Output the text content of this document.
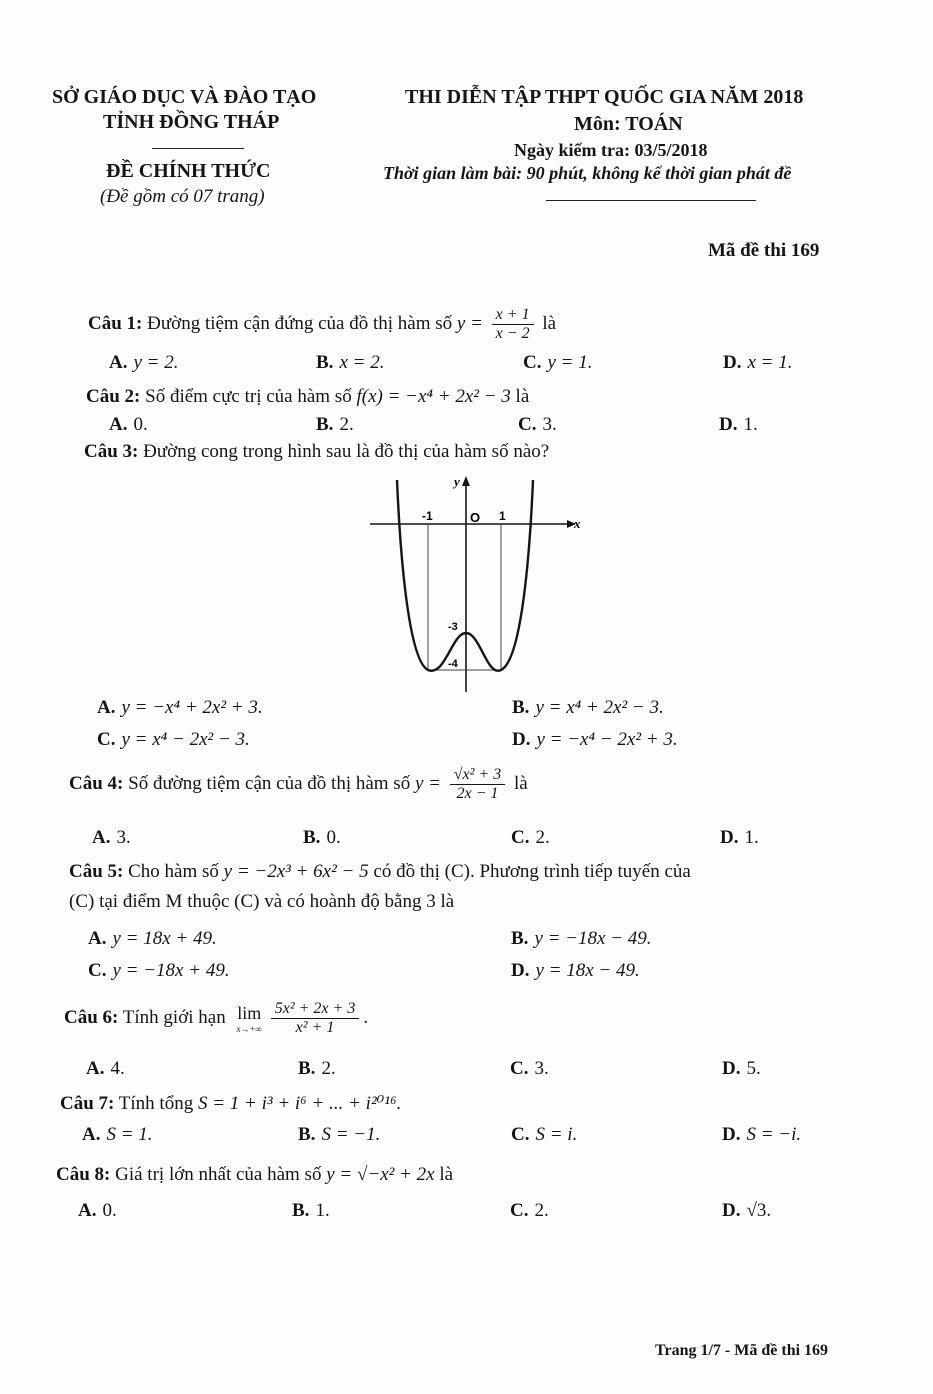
SỞ GIÁO DỤC VÀ ĐÀO TẠO
TỈNH ĐỒNG THÁP
ĐỀ CHÍNH THỨC
(Đề gồm có 07 trang)
THI DIỄN TẬP THPT QUỐC GIA NĂM 2018
Môn: TOÁN
Ngày kiểm tra: 03/5/2018
Thời gian làm bài: 90 phút, không kể thời gian phát đề
Mã đề thi 169
Câu 1: Đường tiệm cận đứng của đồ thị hàm số $y = \frac{x + 1}{x - 2}$ là
A. y = 2.	B. x = 2.	C. y = 1.	D. x = 1.
Câu 2: Số điểm cực trị của hàm số f(x) = −x⁴ + 2x² − 3 là
A. 0.	B. 2.	C. 3.	D. 1.
Câu 3: Đường cong trong hình sau là đồ thị của hàm số nào?
y
x
O
-1	1
-3
-4
A. y = −x⁴ + 2x² + 3.	B. y = x⁴ + 2x² − 3.
C. y = x⁴ − 2x² − 3.	D. y = −x⁴ − 2x² + 3.
Câu 4: Số đường tiệm cận của đồ thị hàm số $y = \frac{\text{√x² + 3}}{2x - 1}$ là
A. 3.	B. 0.	C. 2.	D. 1.
Câu 5: Cho hàm số y = −2x³ + 6x² − 5 có đồ thị (C). Phương trình tiếp tuyến của
(C) tại điểm M thuộc (C) và có hoành độ bằng 3 là
A. y = 18x + 49.	B. y = −18x − 49.
C. y = −18x + 49.	D. y = 18x − 49.
Câu 6: Tính giới hạn lim
x→+∞
$\frac{\text{5x² + 2x + 3}}{\text{x² + 1}}$ .
A. 4.	B. 2.	C. 3.	D. 5.
Câu 7: Tính tổng S = 1 + i³ + i⁶ + ... + i²⁰¹⁶.
A. S = 1.	B. S = −1.	C. S = i.	D. S = −i.
Câu 8: Giá trị lớn nhất của hàm số y = √−x² + 2x là
A. 0.	B. 1.	C. 2.	D. √3.
Trang 1/7 - Mã đề thi 169
